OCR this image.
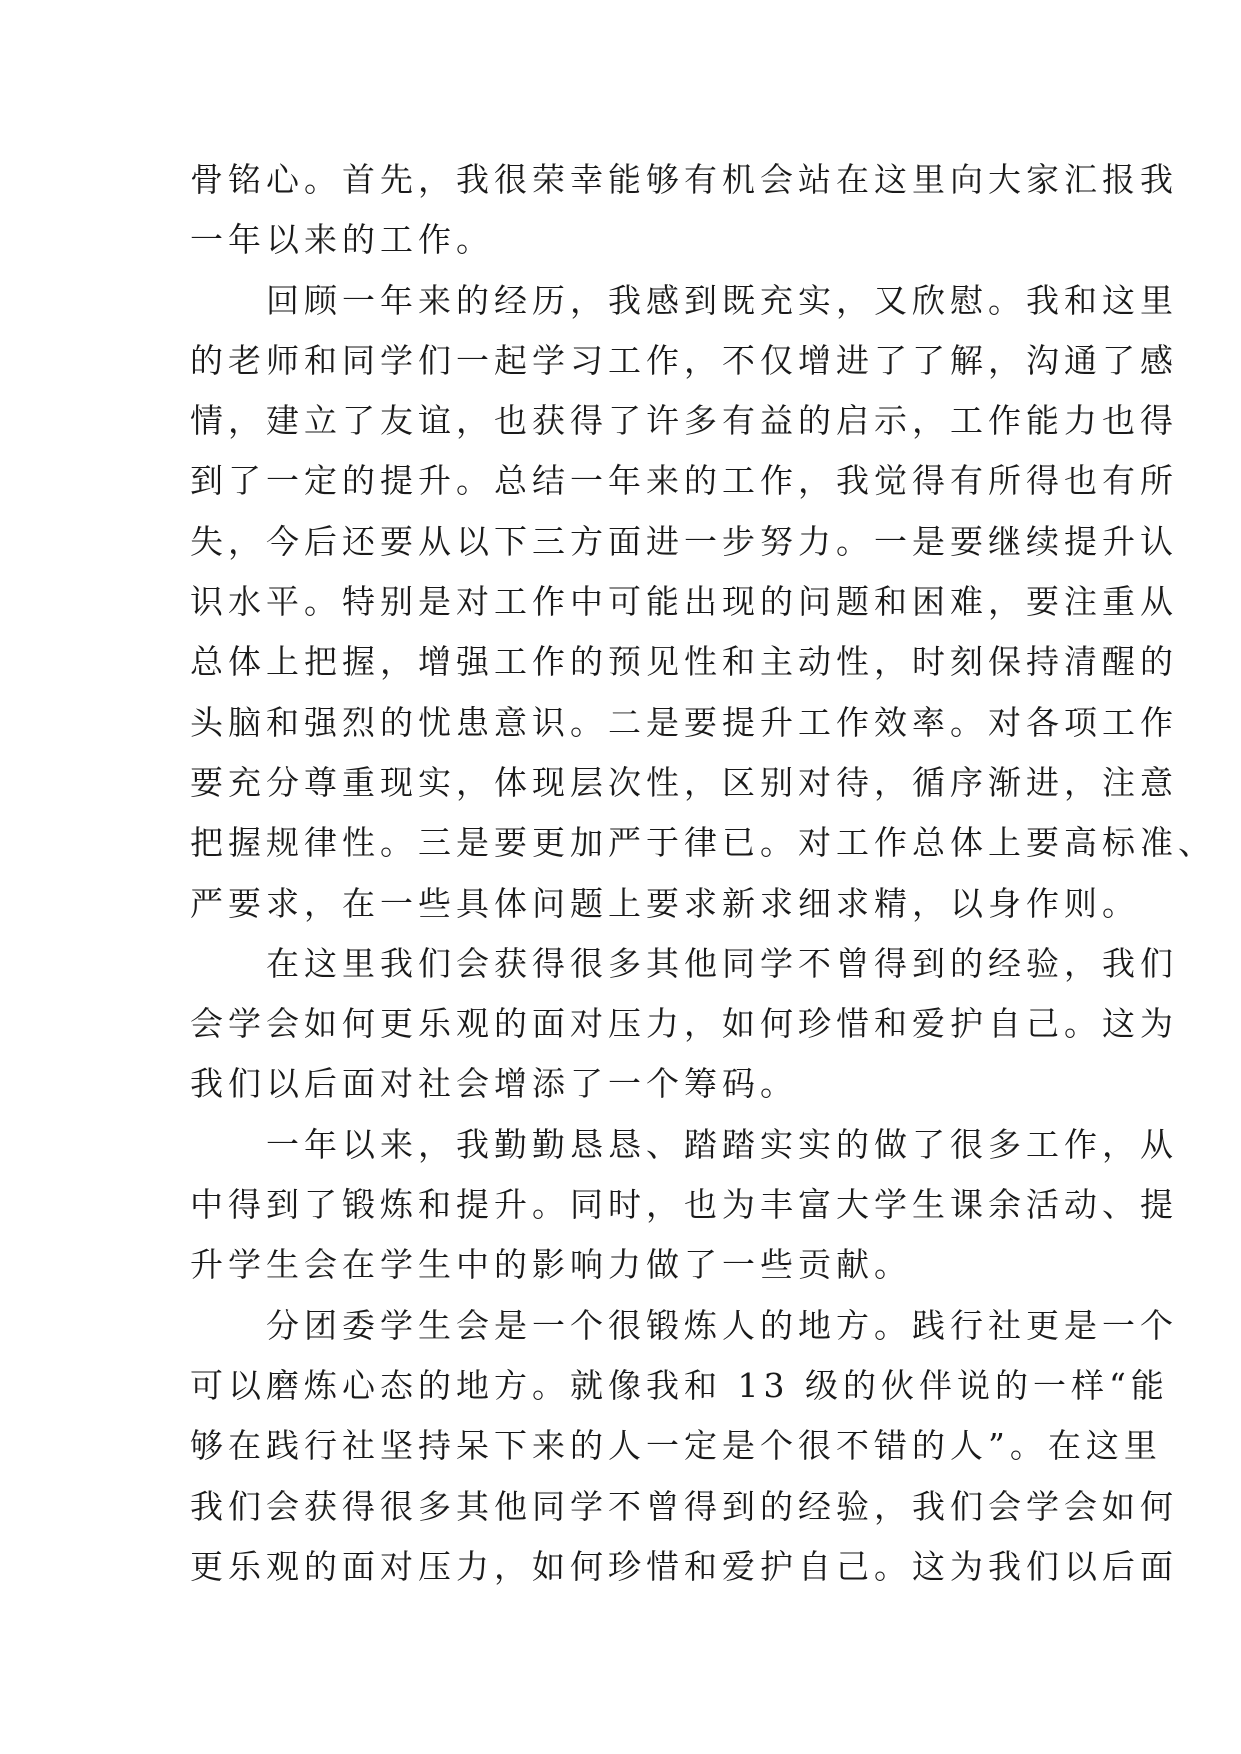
骨铭心。首先，我很荣幸能够有机会站在这里向大家汇报我
一年以来的工作。
回顾一年来的经历，我感到既充实，又欣慰。我和这里
的老师和同学们一起学习工作，不仅增进了了解，沟通了感
情，建立了友谊，也获得了许多有益的启示，工作能力也得
到了一定的提升。总结一年来的工作，我觉得有所得也有所
失，今后还要从以下三方面进一步努力。一是要继续提升认
识水平。特别是对工作中可能出现的问题和困难，要注重从
总体上把握，增强工作的预见性和主动性，时刻保持清醒的
头脑和强烈的忧患意识。二是要提升工作效率。对各项工作
要充分尊重现实，体现层次性，区别对待，循序渐进，注意
把握规律性。三是要更加严于律已。对工作总体上要高标准、
严要求，在一些具体问题上要求新求细求精，以身作则。
在这里我们会获得很多其他同学不曾得到的经验，我们
会学会如何更乐观的面对压力，如何珍惜和爱护自己。这为
我们以后面对社会增添了一个筹码。
一年以来，我勤勤恳恳、踏踏实实的做了很多工作，从
中得到了锻炼和提升。同时，也为丰富大学生课余活动、提
升学生会在学生中的影响力做了一些贡献。
分团委学生会是一个很锻炼人的地方。践行社更是一个
可以磨炼心态的地方。就像我和 13 级的伙伴说的一样“能
够在践行社坚持呆下来的人一定是个很不错的人”。在这里
我们会获得很多其他同学不曾得到的经验，我们会学会如何
更乐观的面对压力，如何珍惜和爱护自己。这为我们以后面
